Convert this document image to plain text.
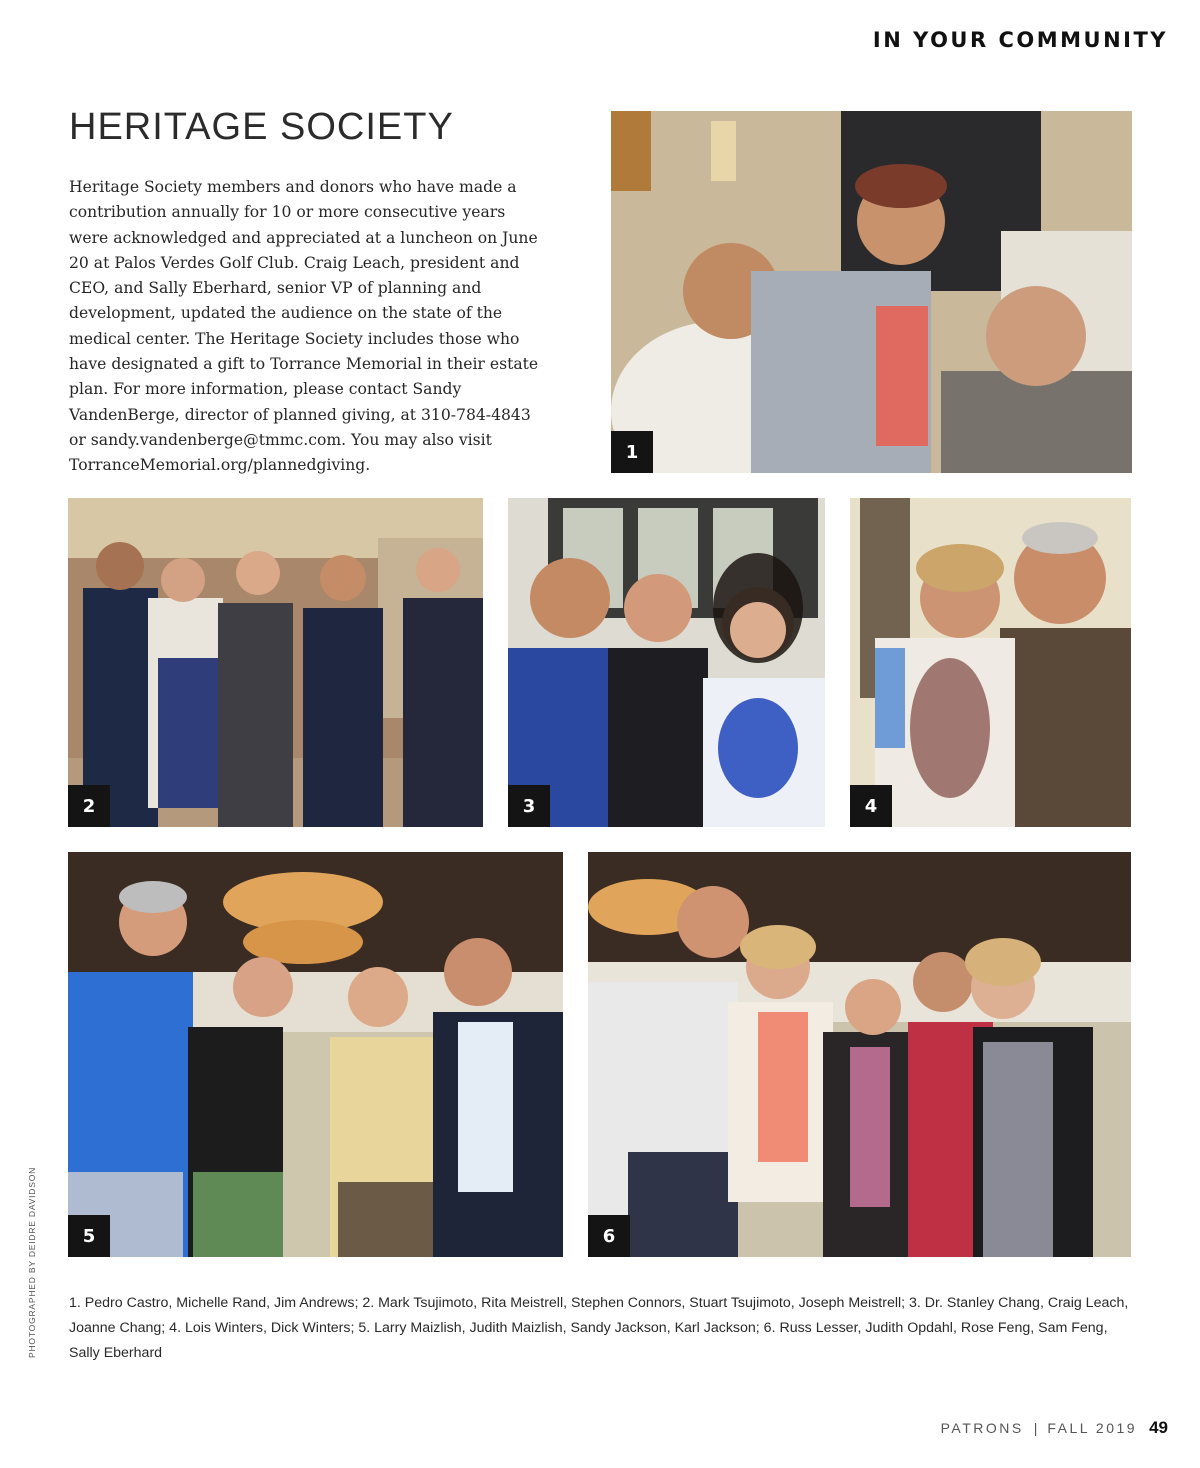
IN YOUR COMMUNITY
HERITAGE SOCIETY

Heritage Society members and donors who have made a contribution annually for 10 or more consecutive years were acknowledged and appreciated at a luncheon on June 20 at Palos Verdes Golf Club. Craig Leach, president and CEO, and Sally Eberhard, senior VP of planning and development, updated the audience on the state of the medical center. The Heritage Society includes those who have designated a gift to Torrance Memorial in their estate plan. For more information, please contact Sandy VandenBerge, director of planned giving, at 310-784-4843 or sandy.vandenberge@tmmc.com. You may also visit TorranceMemorial.org/plannedgiving.

1
2	3	4
5	6
PHOTOGRAPHED BY DEIDRE DAVIDSON 1. Pedro Castro, Michelle Rand, Jim Andrews; 2. Mark Tsujimoto, Rita Meistrell, Stephen Connors, Stuart Tsujimoto, Joseph Meistrell; 3. Dr. Stanley Chang, Craig Leach, Joanne Chang; 4. Lois Winters, Dick Winters; 5. Larry Maizlish, Judith Maizlish, Sandy Jackson, Karl Jackson; 6. Russ Lesser, Judith Opdahl, Rose Feng, Sam Feng, Sally Eberhard

PATRONS | FALL 2019 49
